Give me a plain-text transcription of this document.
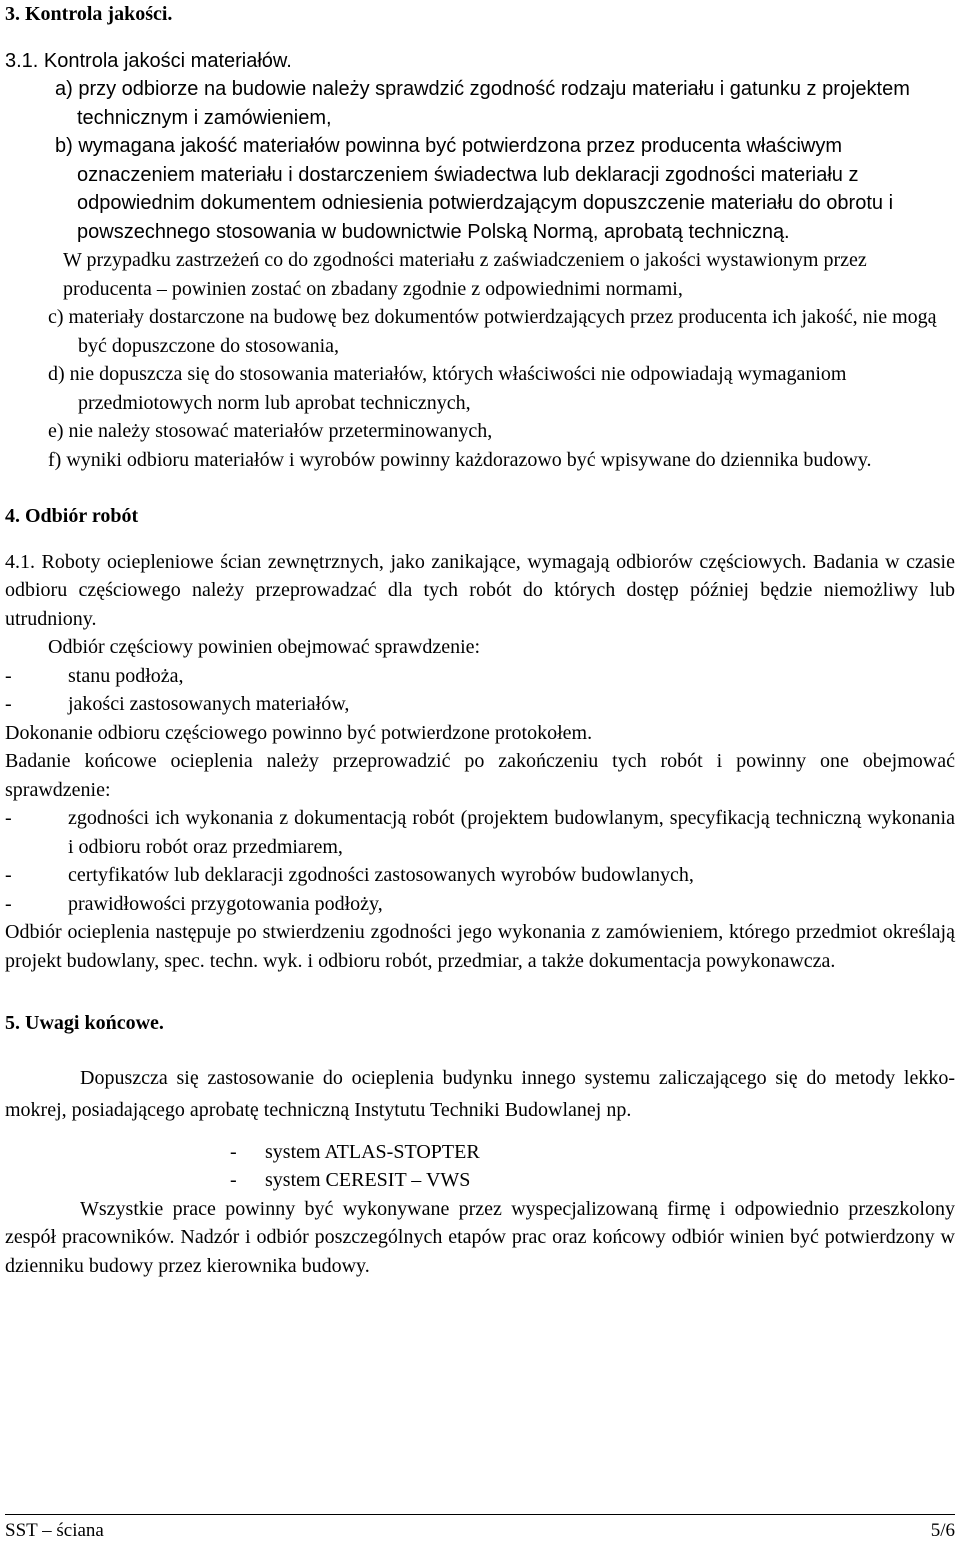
3. Kontrola jakości.

3.1. Kontrola jakości materiałów.

a) przy odbiorze na budowie należy sprawdzić zgodność rodzaju materiału i gatunku z projektem technicznym i zamówieniem,

b) wymagana jakość materiałów powinna być potwierdzona przez producenta właściwym oznaczeniem materiału i dostarczeniem świadectwa lub deklaracji zgodności materiału z odpowiednim dokumentem odniesienia potwierdzającym dopuszczenie materiału do obrotu i powszechnego stosowania w budownictwie Polską Normą, aprobatą techniczną.

W przypadku zastrzeżeń co do zgodności materiału z zaświadczeniem o jakości wystawionym przez producenta – powinien zostać on zbadany zgodnie z odpowiednimi normami,

c) materiały dostarczone na budowę bez dokumentów potwierdzających przez producenta ich jakość, nie mogą być dopuszczone do stosowania,

d) nie dopuszcza się do stosowania materiałów, których właściwości nie odpowiadają wymaganiom przedmiotowych norm lub aprobat technicznych,

e) nie należy stosować materiałów przeterminowanych,

f) wyniki odbioru materiałów i wyrobów powinny każdorazowo być wpisywane do dziennika budowy.

4. Odbiór robót

4.1. Roboty ociepleniowe ścian zewnętrznych, jako zanikające, wymagają odbiorów częściowych. Badania w czasie odbioru częściowego należy przeprowadzać dla tych robót do których dostęp później będzie niemożliwy lub utrudniony.

Odbiór częściowy powinien obejmować sprawdzenie:

-	stanu podłoża,

-	jakości zastosowanych materiałów,

Dokonanie odbioru częściowego powinno być potwierdzone protokołem.

Badanie końcowe ocieplenia należy przeprowadzić po zakończeniu tych robót i powinny one obejmować sprawdzenie:

-	zgodności ich wykonania z dokumentacją robót (projektem budowlanym, specyfikacją techniczną wykonania i odbioru robót oraz przedmiarem,

-	certyfikatów lub deklaracji zgodności zastosowanych wyrobów budowlanych,

-	prawidłowości przygotowania podłoży,

Odbiór ocieplenia następuje po stwierdzeniu zgodności jego wykonania z zamówieniem, którego przedmiot określają projekt budowlany, spec. techn. wyk. i odbioru robót, przedmiar, a także dokumentacja powykonawcza.

5. Uwagi końcowe.

Dopuszcza się zastosowanie do ocieplenia budynku innego systemu zaliczającego się do metody lekko-mokrej, posiadającego aprobatę techniczną Instytutu Techniki Budowlanej np.

- system ATLAS-STOPTER

- system CERESIT – VWS

Wszystkie prace powinny być wykonywane przez wyspecjalizowaną firmę i odpowiednio przeszkolony zespół pracowników. Nadzór i odbiór poszczególnych etapów prac oraz końcowy odbiór winien być potwierdzony w dzienniku budowy przez kierownika budowy.

SST – ściana	5/6
